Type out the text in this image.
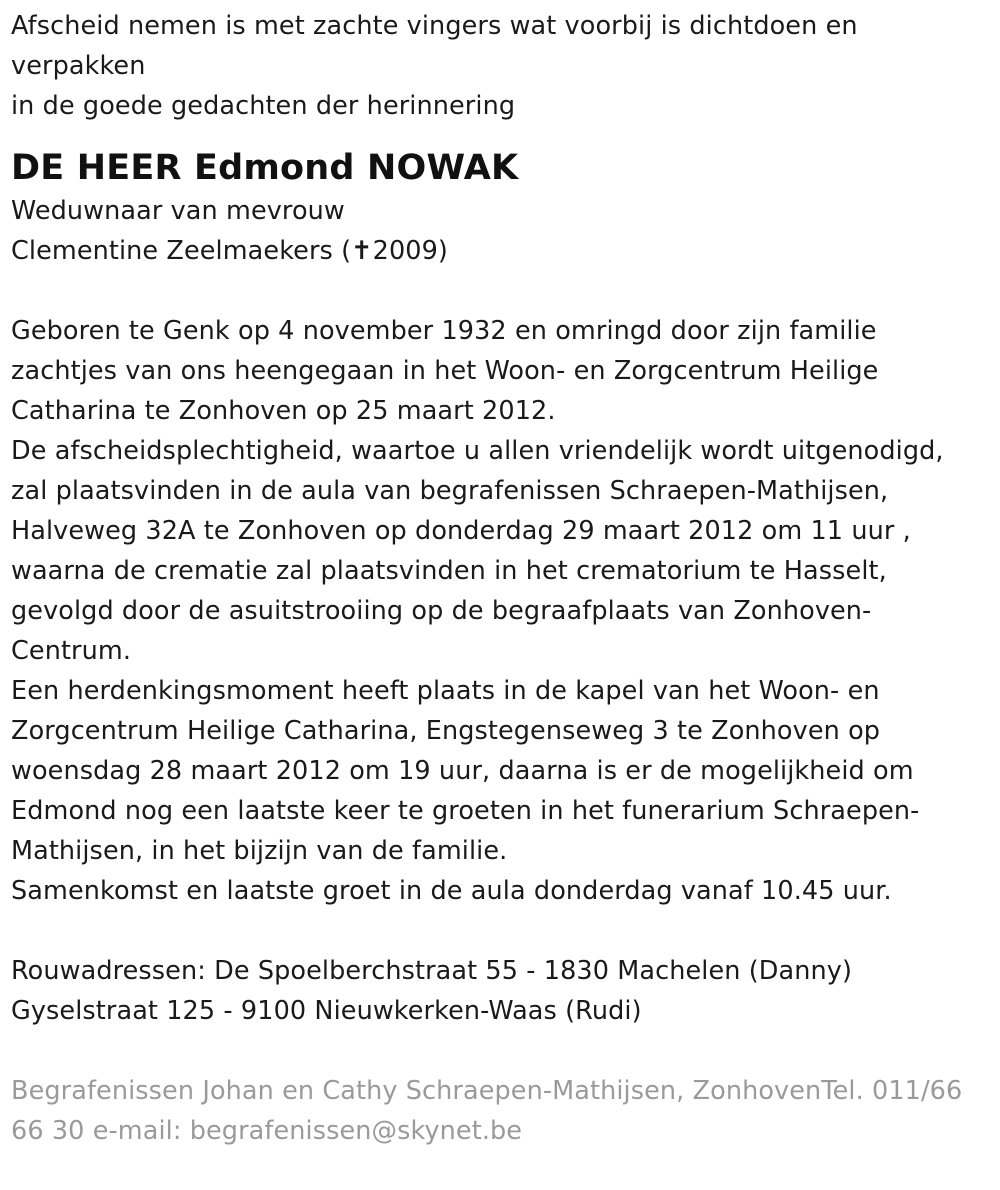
Afscheid nemen is met zachte vingers wat voorbij is dichtdoen en
verpakken
in de goede gedachten der herinnering
DE HEER Edmond NOWAK
Weduwnaar van mevrouw
Clementine Zeelmaekers (✝2009)
Geboren te Genk op 4 november 1932 en omringd door zijn familie
zachtjes van ons heengegaan in het Woon- en Zorgcentrum Heilige
Catharina te Zonhoven op 25 maart 2012.
De afscheidsplechtigheid, waartoe u allen vriendelijk wordt uitgenodigd,
zal plaatsvinden in de aula van begrafenissen Schraepen-Mathijsen,
Halveweg 32A te Zonhoven op donderdag 29 maart 2012 om 11 uur ,
waarna de crematie zal plaatsvinden in het crematorium te Hasselt,
gevolgd door de asuitstrooiing op de begraafplaats van Zonhoven-
Centrum.
Een herdenkingsmoment heeft plaats in de kapel van het Woon- en
Zorgcentrum Heilige Catharina, Engstegenseweg 3 te Zonhoven op
woensdag 28 maart 2012 om 19 uur, daarna is er de mogelijkheid om
Edmond nog een laatste keer te groeten in het funerarium Schraepen-
Mathijsen, in het bijzijn van de familie.
Samenkomst en laatste groet in de aula donderdag vanaf 10.45 uur.
Rouwadressen: De Spoelberchstraat 55 - 1830 Machelen (Danny)
Gyselstraat 125 - 9100 Nieuwkerken-Waas (Rudi)
Begrafenissen Johan en Cathy Schraepen-Mathijsen, ZonhovenTel. 011/66
66 30 e-mail: begrafenissen@skynet.be
